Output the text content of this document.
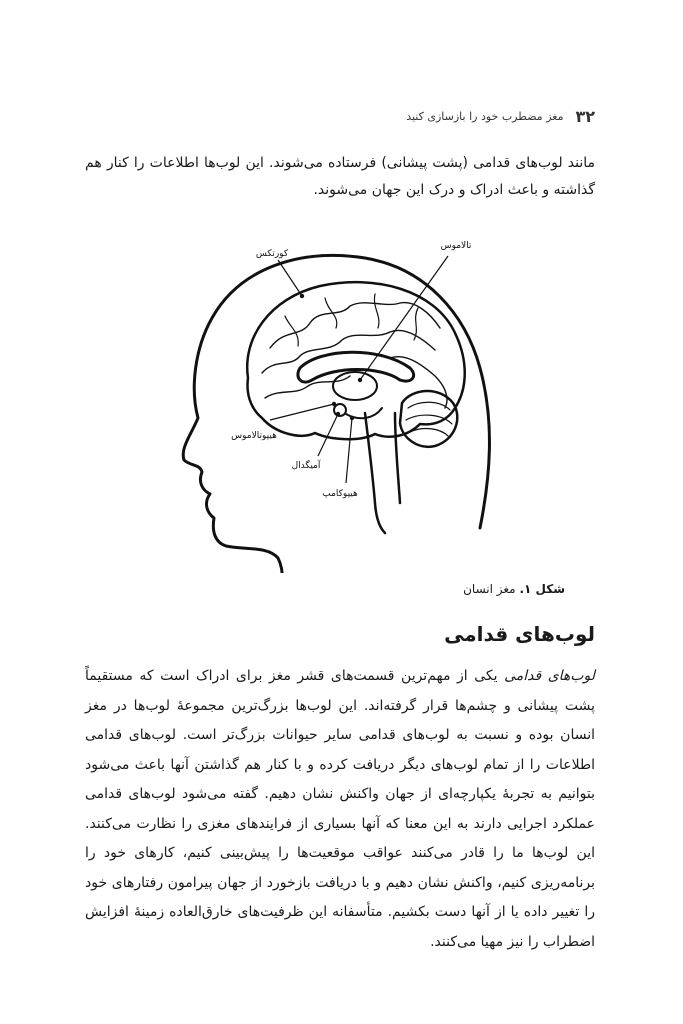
۳۲
مغز مضطرب خود را بازسازی کنید

مانند لوب‌های قدامی (پشت پیشانی) فرستاده می‌شوند. این لوب‌ها اطلاعات را کنار هم گذاشته و باعث ادراک و درک این جهان می‌شوند.

کورتکس
تالاموس
هیپوتالاموس
آمیگدال
هیپوکامپ

شکل ۱. مغز انسان

لوب‌های قدامی

لوب‌های قدامی یکی از مهم‌ترین قسمت‌های قشر مغز برای ادراک است که مستقیماً پشت پیشانی و چشم‌ها قرار گرفته‌اند. این لوب‌ها بزرگ‌ترین مجموعهٔ لوب‌ها در مغز انسان بوده و نسبت به لوب‌های قدامی سایر حیوانات بزرگ‌تر است. لوب‌های قدامی اطلاعات را از تمام لوب‌های دیگر دریافت کرده و با کنار هم گذاشتن آنها باعث می‌شود بتوانیم به تجربهٔ یکپارچه‌ای از جهان واکنش نشان دهیم. گفته می‌شود لوب‌های قدامی عملکرد اجرایی دارند به این معنا که آنها بسیاری از فرایندهای مغزی را نظارت می‌کنند. این لوب‌ها ما را قادر می‌کنند عواقب موقعیت‌ها را پیش‌بینی کنیم، کارهای خود را برنامه‌ریزی کنیم، واکنش نشان دهیم و با دریافت بازخورد از جهان پیرامون رفتارهای خود را تغییر داده یا از آنها دست بکشیم. متأسفانه این ظرفیت‌های خارق‌العاده زمینهٔ افزایش اضطراب را نیز مهیا می‌کنند.
